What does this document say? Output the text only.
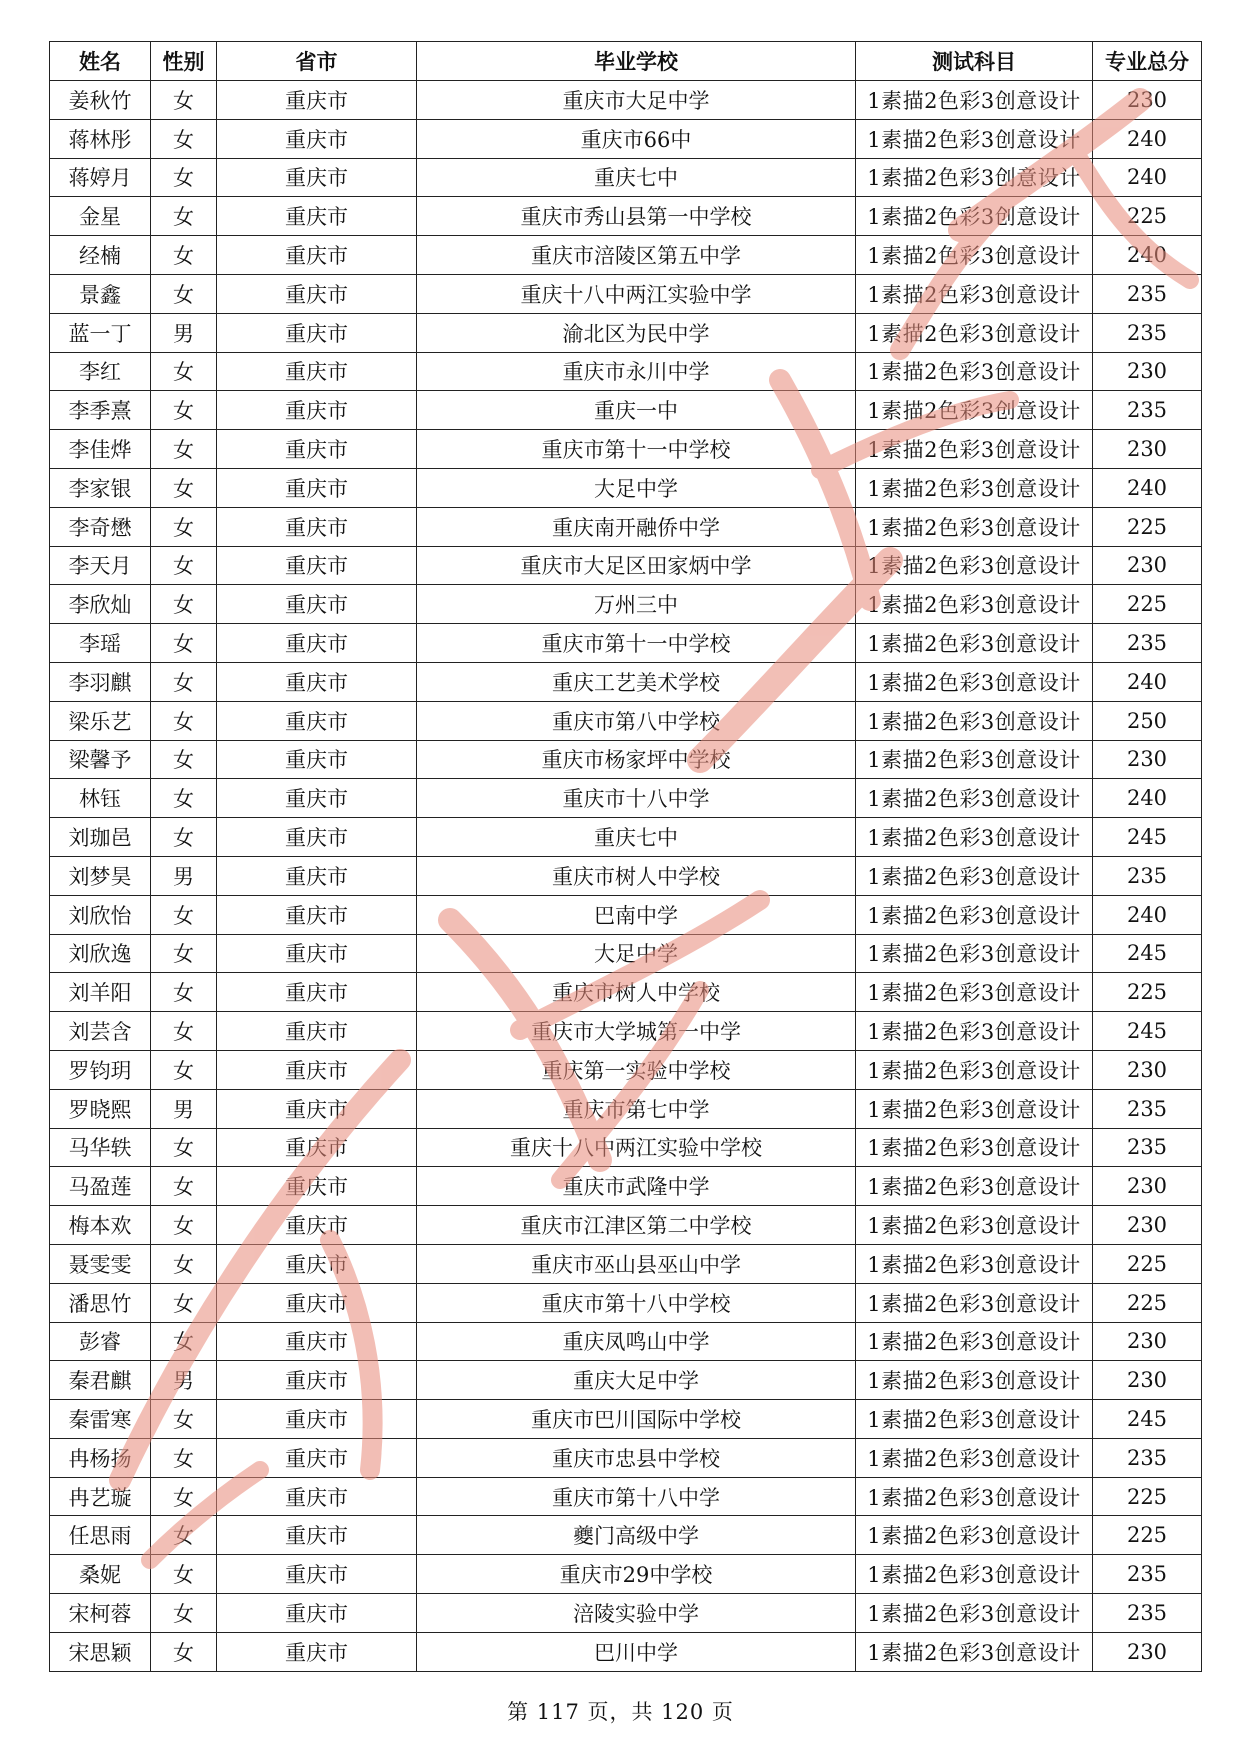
姓名	性别	省市	毕业学校	测试科目	专业总分
姜秋竹	女	重庆市	重庆市大足中学	1素描2色彩3创意设计	230
蒋林彤	女	重庆市	重庆市66中	1素描2色彩3创意设计	240
蒋婷月	女	重庆市	重庆七中	1素描2色彩3创意设计	240
金星	女	重庆市	重庆市秀山县第一中学校	1素描2色彩3创意设计	225
经楠	女	重庆市	重庆市涪陵区第五中学	1素描2色彩3创意设计	240
景鑫	女	重庆市	重庆十八中两江实验中学	1素描2色彩3创意设计	235
蓝一丁	男	重庆市	渝北区为民中学	1素描2色彩3创意设计	235
李红	女	重庆市	重庆市永川中学	1素描2色彩3创意设计	230
李季熹	女	重庆市	重庆一中	1素描2色彩3创意设计	235
李佳烨	女	重庆市	重庆市第十一中学校	1素描2色彩3创意设计	230
李家银	女	重庆市	大足中学	1素描2色彩3创意设计	240
李奇懋	女	重庆市	重庆南开融侨中学	1素描2色彩3创意设计	225
李天月	女	重庆市	重庆市大足区田家炳中学	1素描2色彩3创意设计	230
李欣灿	女	重庆市	万州三中	1素描2色彩3创意设计	225
李瑶	女	重庆市	重庆市第十一中学校	1素描2色彩3创意设计	235
李羽麒	女	重庆市	重庆工艺美术学校	1素描2色彩3创意设计	240
梁乐艺	女	重庆市	重庆市第八中学校	1素描2色彩3创意设计	250
梁馨予	女	重庆市	重庆市杨家坪中学校	1素描2色彩3创意设计	230
林钰	女	重庆市	重庆市十八中学	1素描2色彩3创意设计	240
刘珈邑	女	重庆市	重庆七中	1素描2色彩3创意设计	245
刘梦昊	男	重庆市	重庆市树人中学校	1素描2色彩3创意设计	235
刘欣怡	女	重庆市	巴南中学	1素描2色彩3创意设计	240
刘欣逸	女	重庆市	大足中学	1素描2色彩3创意设计	245
刘羊阳	女	重庆市	重庆市树人中学校	1素描2色彩3创意设计	225
刘芸含	女	重庆市	重庆市大学城第一中学	1素描2色彩3创意设计	245
罗钧玥	女	重庆市	重庆第一实验中学校	1素描2色彩3创意设计	230
罗晓熙	男	重庆市	重庆市第七中学	1素描2色彩3创意设计	235
马华轶	女	重庆市	重庆十八中两江实验中学校	1素描2色彩3创意设计	235
马盈莲	女	重庆市	重庆市武隆中学	1素描2色彩3创意设计	230
梅本欢	女	重庆市	重庆市江津区第二中学校	1素描2色彩3创意设计	230
聂雯雯	女	重庆市	重庆市巫山县巫山中学	1素描2色彩3创意设计	225
潘思竹	女	重庆市	重庆市第十八中学校	1素描2色彩3创意设计	225
彭睿	女	重庆市	重庆凤鸣山中学	1素描2色彩3创意设计	230
秦君麒	男	重庆市	重庆大足中学	1素描2色彩3创意设计	230
秦雷寒	女	重庆市	重庆市巴川国际中学校	1素描2色彩3创意设计	245
冉杨扬	女	重庆市	重庆市忠县中学校	1素描2色彩3创意设计	235
冉艺璇	女	重庆市	重庆市第十八中学	1素描2色彩3创意设计	225
任思雨	女	重庆市	夔门高级中学	1素描2色彩3创意设计	225
桑妮	女	重庆市	重庆市29中学校	1素描2色彩3创意设计	235
宋柯蓉	女	重庆市	涪陵实验中学	1素描2色彩3创意设计	235
宋思颖	女	重庆市	巴川中学	1素描2色彩3创意设计	230
第 117 页，共 120 页
